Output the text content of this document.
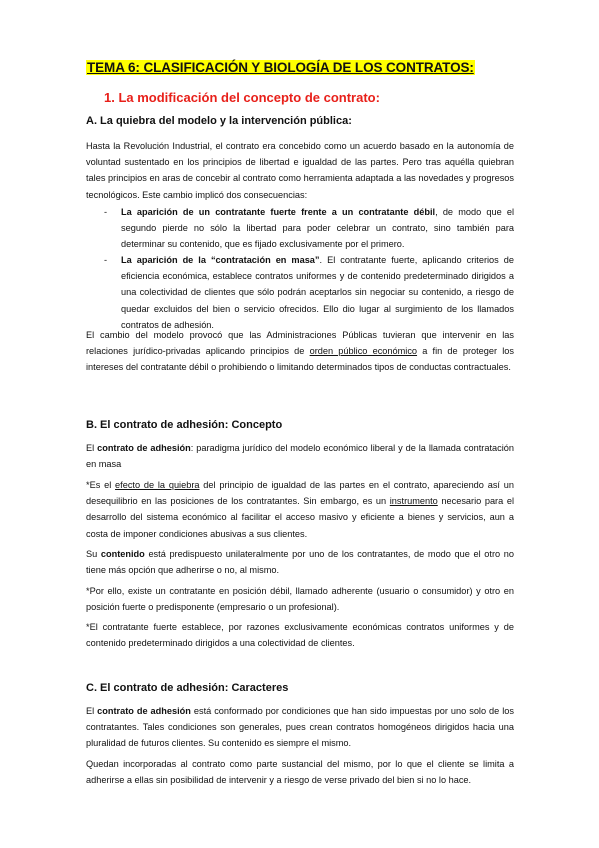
TEMA 6: CLASIFICACIÓN Y BIOLOGÍA DE LOS CONTRATOS:
1. La modificación del concepto de contrato:
A. La quiebra del modelo y la intervención pública:

Hasta la Revolución Industrial, el contrato era concebido como un acuerdo basado en la autonomía de voluntad sustentado en los principios de libertad e igualdad de las partes. Pero tras aquélla quiebran tales principios en aras de concebir al contrato como herramienta adaptada a las novedades y progresos tecnológicos. Este cambio implicó dos consecuencias:

- La aparición de un contratante fuerte frente a un contratante débil, de modo que el segundo pierde no sólo la libertad para poder celebrar un contrato, sino también para determinar su contenido, que es fijado exclusivamente por el primero.
- La aparición de la “contratación en masa”. El contratante fuerte, aplicando criterios de eficiencia económica, establece contratos uniformes y de contenido predeterminado dirigidos a una colectividad de clientes que sólo podrán aceptarlos sin negociar su contenido, a riesgo de quedar excluidos del bien o servicio ofrecidos. Ello dio lugar al surgimiento de los llamados contratos de adhesión.

El cambio del modelo provocó que las Administraciones Públicas tuvieran que intervenir en las relaciones jurídico-privadas aplicando principios de orden público económico a fin de proteger los intereses del contratante débil o prohibiendo o limitando determinados tipos de conductas contractuales.

B. El contrato de adhesión: Concepto

El contrato de adhesión: paradigma jurídico del modelo económico liberal y de la llamada contratación en masa

*Es el efecto de la quiebra del principio de igualdad de las partes en el contrato, apareciendo así un desequilibrio en las posiciones de los contratantes. Sin embargo, es un instrumento necesario para el desarrollo del sistema económico al facilitar el acceso masivo y eficiente a bienes y servicios, aun a costa de imponer condiciones abusivas a sus clientes.

Su contenido está predispuesto unilateralmente por uno de los contratantes, de modo que el otro no tiene más opción que adherirse o no, al mismo.

*Por ello, existe un contratante en posición débil, llamado adherente (usuario o consumidor) y otro en posición fuerte o predisponente (empresario o un profesional).

*El contratante fuerte establece, por razones exclusivamente económicas contratos uniformes y de contenido predeterminado dirigidos a una colectividad de clientes.

C. El contrato de adhesión: Caracteres

El contrato de adhesión está conformado por condiciones que han sido impuestas por uno solo de los contratantes. Tales condiciones son generales, pues crean contratos homogéneos dirigidos hacia una pluralidad de futuros clientes. Su contenido es siempre el mismo.

Quedan incorporadas al contrato como parte sustancial del mismo, por lo que el cliente se limita a adherirse a ellas sin posibilidad de intervenir y a riesgo de verse privado del bien si no lo hace.
